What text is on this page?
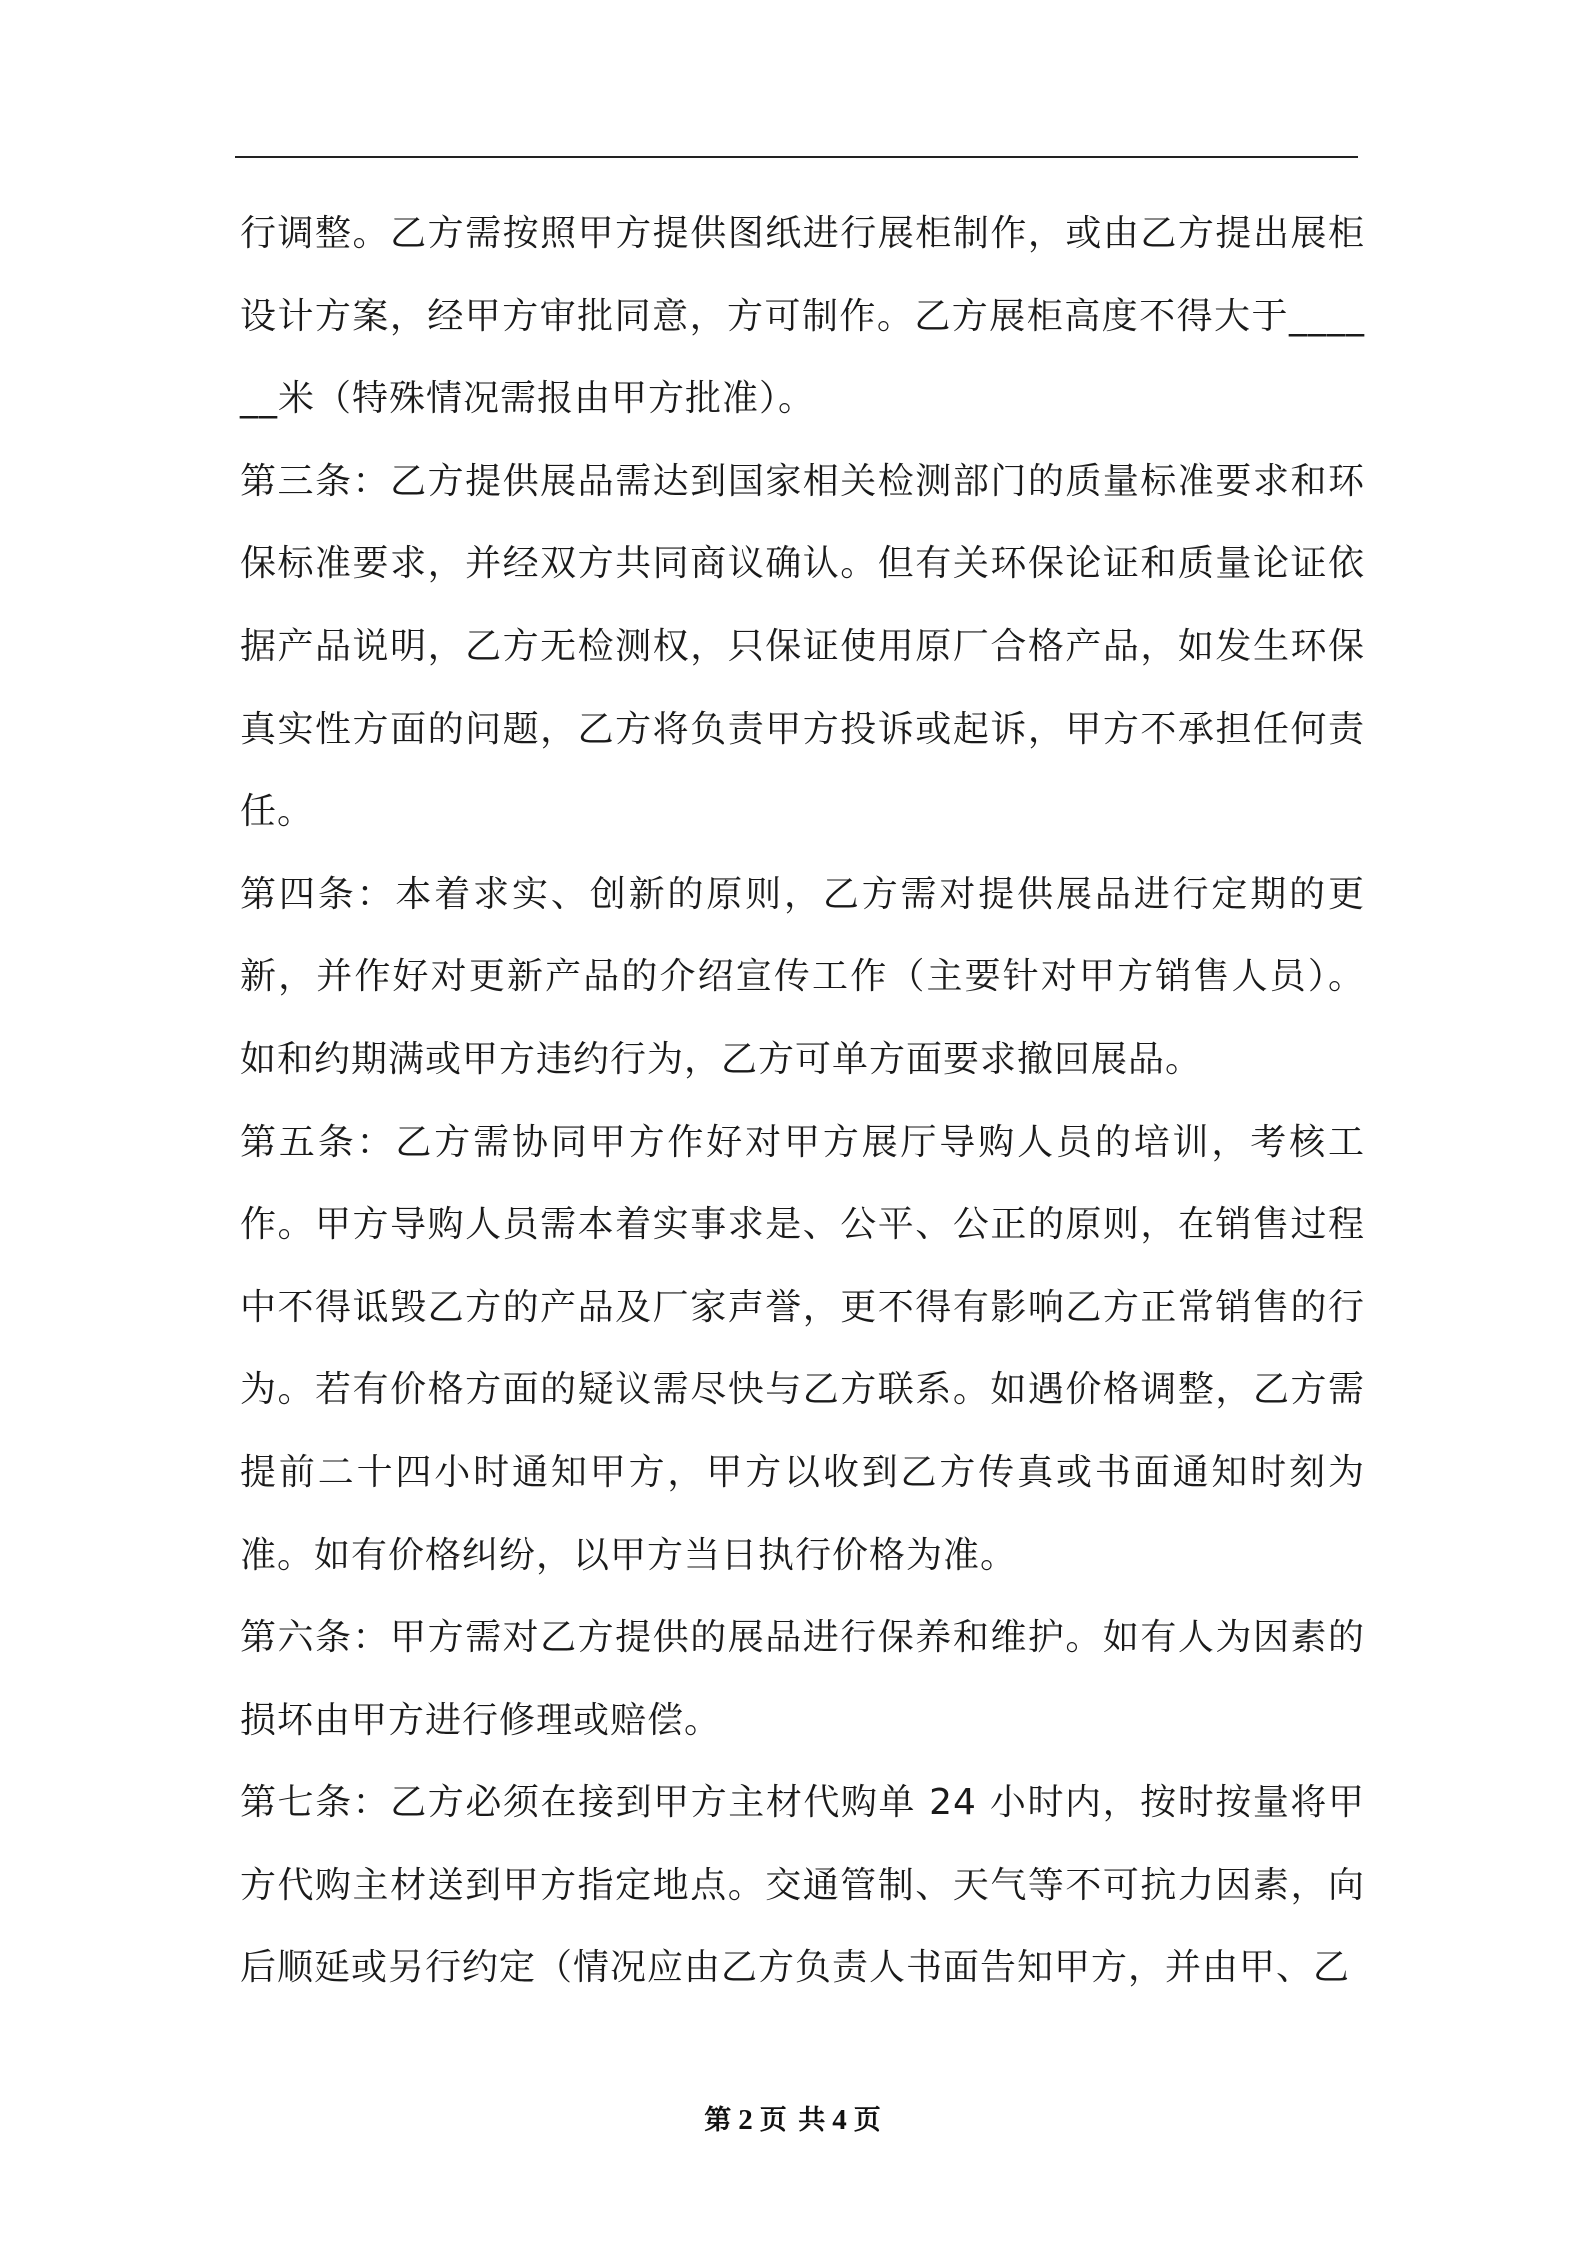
行调整。乙方需按照甲方提供图纸进行展柜制作，或由乙方提出展柜设计方案，经甲方审批同意，方可制作。乙方展柜高度不得大于______米（特殊情况需报由甲方批准）。

第三条：乙方提供展品需达到国家相关检测部门的质量标准要求和环保标准要求，并经双方共同商议确认。但有关环保论证和质量论证依据产品说明，乙方无检测权，只保证使用原厂合格产品，如发生环保真实性方面的问题，乙方将负责甲方投诉或起诉，甲方不承担任何责任。

第四条：本着求实、创新的原则，乙方需对提供展品进行定期的更新，并作好对更新产品的介绍宣传工作（主要针对甲方销售人员）。如和约期满或甲方违约行为，乙方可单方面要求撤回展品。

第五条：乙方需协同甲方作好对甲方展厅导购人员的培训，考核工作。甲方导购人员需本着实事求是、公平、公正的原则，在销售过程中不得诋毁乙方的产品及厂家声誉，更不得有影响乙方正常销售的行为。若有价格方面的疑议需尽快与乙方联系。如遇价格调整，乙方需提前二十四小时通知甲方，甲方以收到乙方传真或书面通知时刻为准。如有价格纠纷，以甲方当日执行价格为准。

第六条：甲方需对乙方提供的展品进行保养和维护。如有人为因素的损坏由甲方进行修理或赔偿。

第七条：乙方必须在接到甲方主材代购单 24 小时内，按时按量将甲方代购主材送到甲方指定地点。交通管制、天气等不可抗力因素，向后顺延或另行约定（情况应由乙方负责人书面告知甲方，并由甲、乙

第 2 页 共 4 页
